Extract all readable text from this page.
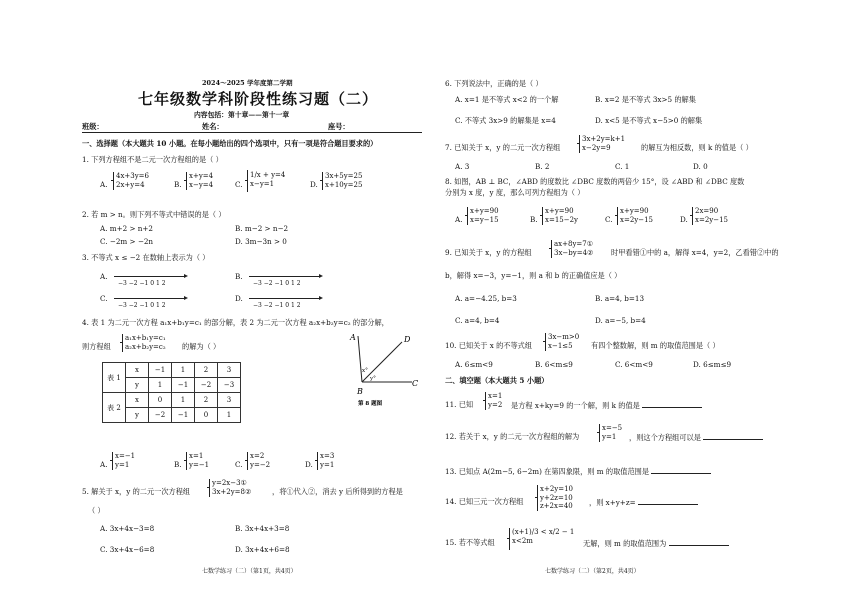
2024～2025 学年度第二学期
七年级数学科阶段性练习题（二）
内容包括：第十章——第十一章
班级：	姓名：	座号：
一、选择题（本大题共 10 小题。在每小题给出的四个选项中，只有一项是符合题目要求的）
1. 下列方程组不是二元一次方程组的是（ ）
A.
4x+3y=6
2x+y=4	B.
x+y=4
x−y=4	C.
1/x + y=4
x−y=1	D.
3x+5y=25
x+10y=25
2. 若 m > n。则下列不等式中错误的是（ ）
A. m+2 > n+2	B. m−2 > n−2
C. −2m > −2n	D. 3m−3n > 0
3. 不等式 x ≤ −2 在数轴上表示为（ ）
A.
−3 −2 −1 0 1 2
B.
−3 −2 −1 0 1 2
C.
−3 −2 −1 0 1 2
D.
−3 −2 −1 0 1 2
4. 表 1 为二元一次方程 a₁x+b₁y=c₁ 的部分解，表 2 为二元一次方程 a₂x+b₂y=c₂ 的部分解，
则方程组
a₁x+b₁y=c₁
a₂x+b₂y=c₂ 的解为（ ）
表 1	x	−1	1	2	3
	y	1	−1	−2	−3
表 2	x	0	1	2	3
	y	−2	−1	0	1
A	D
C
B
x°
y°
第 8 题图
A.
x=−1
y=1	B.
x=1
y=−1	C.
x=2
y=−2	D.
x=3
y=1
5. 解关于 x，y 的二元一次方程组
y=2x−3①
3x+2y=8②	，将①代入②，消去 y 后所得到的方程是
（ ）
A. 3x+4x−3=8	B. 3x+4x+3=8
C. 3x+4x−6=8	D. 3x+4x+6=8
七数学练习（二）（第1页，共4页）
6. 下列说法中，正确的是（ ）
A. x=1 是不等式 x<2 的一个解	B. x=2 是不等式 3x>5 的解集
C. 不等式 3x>9 的解集是 x=4	D. x<5 是不等式 x−5>0 的解集
7. 已知关于 x，y 的二元一次方程组
3x+2y=k+1
x−2y=9	的解互为相反数，则 k 的值是（ ）
A. 3	B. 2	C. 1	D. 0
8. 如图，AB ⊥ BC，∠ABD 的度数比 ∠DBC 度数的两倍少 15°，设 ∠ABD 和 ∠DBC 度数
分别为 x 度，y 度，那么可列方程组为（ ）
A.
x+y=90
x=y−15	B.
x+y=90
x=15−2y	C.
x+y=90
x=2y−15	D.
2x=90
x=2y−15
9. 已知关于 x，y 的方程组
ax+8y=7①
3x−by=4② 时甲看错①中的 a，解得 x=4，y=2，乙看错②中的
b，解得 x=−3，y=−1，则 a 和 b 的正确值应是（ ）
A. a=−4.25, b=3	B. a=4, b=13
C. a=4, b=4	D. a=−5, b=4
10. 已知关于 x 的不等式组
3x−m>0
x−1≤5	有四个整数解，则 m 的取值范围是（ ）
A. 6≤m<9	B. 6<m≤9	C. 6<m<9	D. 6≤m≤9
二、填空题（本大题共 5 小题）
11. 已知
x=1
y=2 是方程 x+ky=9 的一个解，则 k 的值是
12. 若关于 x，y 的二元一次方程组的解为
x=−5
y=1	，则这个方程组可以是
13. 已知点 A(2m−5, 6−2m) 在第四象限，则 m 的取值范围是
14. 已知三元一次方程组
x+2y=10
y+2z=10
z+2x=40 ，则 x+y+z=
15. 若不等式组
(x+1)/3 < x/2 − 1
x<2m	无解，则 m 的取值范围为
七数学练习（二）（第2页，共4页）
